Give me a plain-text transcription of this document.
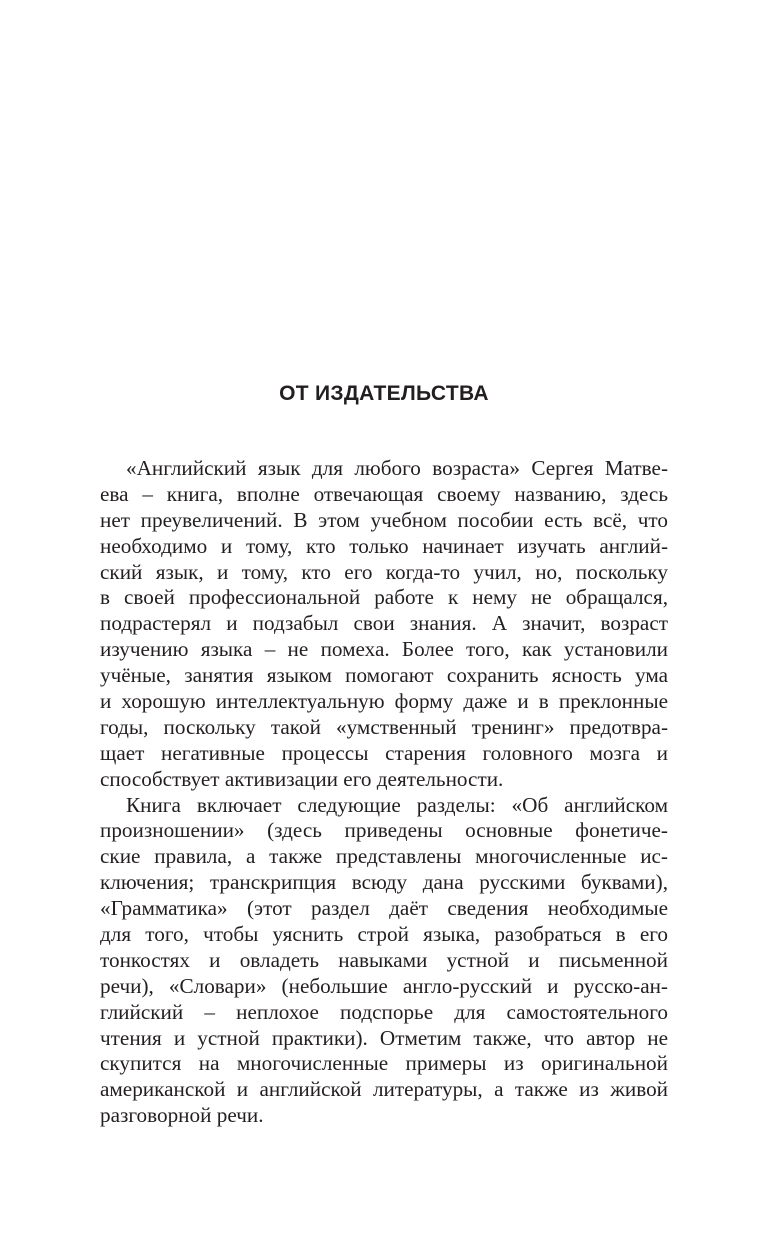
ОТ ИЗДАТЕЛЬСТВА
«Английский язык для любого возраста» Сергея Матве-
ева – книга, вполне отвечающая своему названию, здесь
нет преувеличений. В этом учебном пособии есть всё, что
необходимо и тому, кто только начинает изучать англий-
ский язык, и тому, кто его когда-то учил, но, поскольку
в своей профессиональной работе к нему не обращался,
подрастерял и подзабыл свои знания. А значит, возраст
изучению языка – не помеха. Более того, как установили
учёные, занятия языком помогают сохранить ясность ума
и хорошую интеллектуальную форму даже и в преклонные
годы, поскольку такой «умственный тренинг» предотвра-
щает негативные процессы старения головного мозга и
способствует активизации его деятельности.
Книга включает следующие разделы: «Об английском
произношении» (здесь приведены основные фонетиче-
ские правила, а также представлены многочисленные ис-
ключения; транскрипция всюду дана русскими буквами),
«Грамматика» (этот раздел даёт сведения необходимые
для того, чтобы уяснить строй языка, разобраться в его
тонкостях и овладеть навыками устной и письменной
речи), «Словари» (небольшие англо-русский и русско-ан-
глийский – неплохое подспорье для самостоятельного
чтения и устной практики). Отметим также, что автор не
скупится на многочисленные примеры из оригинальной
американской и английской литературы, а также из живой
разговорной речи.
